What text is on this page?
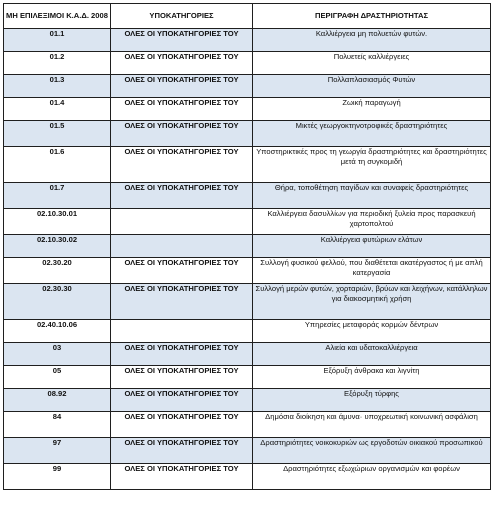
ΜΗ ΕΠΙΛΕΞΙΜΟΙ Κ.Α.Δ. 2008	ΥΠΟΚΑΤΗΓΟΡΙΕΣ	ΠΕΡΙΓΡΑΦΗ ΔΡΑΣΤΗΡΙΟΤΗΤΑΣ
01.1	ΟΛΕΣ ΟΙ ΥΠΟΚΑΤΗΓΟΡΙΕΣ ΤΟΥ	Καλλιέργεια μη πολυετών φυτών.
01.2	ΟΛΕΣ ΟΙ ΥΠΟΚΑΤΗΓΟΡΙΕΣ ΤΟΥ	Πολυετείς καλλιέργειες
01.3	ΟΛΕΣ ΟΙ ΥΠΟΚΑΤΗΓΟΡΙΕΣ ΤΟΥ	Πολλαπλασιασμός Φυτών
01.4	ΟΛΕΣ ΟΙ ΥΠΟΚΑΤΗΓΟΡΙΕΣ ΤΟΥ	Ζωική παραγωγή
01.5	ΟΛΕΣ ΟΙ ΥΠΟΚΑΤΗΓΟΡΙΕΣ ΤΟΥ	Μικτές γεωργοκτηνοτροφικές δραστηριότητες
01.6	ΟΛΕΣ ΟΙ ΥΠΟΚΑΤΗΓΟΡΙΕΣ ΤΟΥ	Υποστηρικτικές προς τη γεωργία δραστηριότητες και δραστηριότητες μετά τη συγκομιδή
01.7	ΟΛΕΣ ΟΙ ΥΠΟΚΑΤΗΓΟΡΙΕΣ ΤΟΥ	Θήρα, τοποθέτηση παγίδων και συναφείς δραστηριότητες
02.10.30.01		Καλλιέργεια δασυλλίων για περιοδική ξυλεία προς παρασκευή χαρτοπολτού
02.10.30.02		Καλλιέργεια φυτώριων ελάτων
02.30.20	ΟΛΕΣ ΟΙ ΥΠΟΚΑΤΗΓΟΡΙΕΣ ΤΟΥ	Συλλογή φυσικού φελλού, που διαθέτεται ακατέργαστος ή με απλή κατεργασία
02.30.30	ΟΛΕΣ ΟΙ ΥΠΟΚΑΤΗΓΟΡΙΕΣ ΤΟΥ	Συλλογή μερών φυτών, χορταριών, βρύων και λειχήνων, κατάλληλων για διακοσμητική χρήση
02.40.10.06		Υπηρεσίες μεταφοράς κορμών δέντρων
03	ΟΛΕΣ ΟΙ ΥΠΟΚΑΤΗΓΟΡΙΕΣ ΤΟΥ	Αλιεία και υδατοκαλλιέργεια
05	ΟΛΕΣ ΟΙ ΥΠΟΚΑΤΗΓΟΡΙΕΣ ΤΟΥ	Εξόρυξη άνθρακα και λιγνίτη
08.92	ΟΛΕΣ ΟΙ ΥΠΟΚΑΤΗΓΟΡΙΕΣ ΤΟΥ	Εξόρυξη τύρφης
84	ΟΛΕΣ ΟΙ ΥΠΟΚΑΤΗΓΟΡΙΕΣ ΤΟΥ	Δημόσια διοίκηση και άμυνα· υποχρεωτική κοινωνική ασφάλιση
97	ΟΛΕΣ ΟΙ ΥΠΟΚΑΤΗΓΟΡΙΕΣ ΤΟΥ	Δραστηριότητες νοικοκυριών ως εργοδοτών οικιακού προσωπικού
99	ΟΛΕΣ ΟΙ ΥΠΟΚΑΤΗΓΟΡΙΕΣ ΤΟΥ	Δραστηριότητες εξωχώριων οργανισμών και φορέων
